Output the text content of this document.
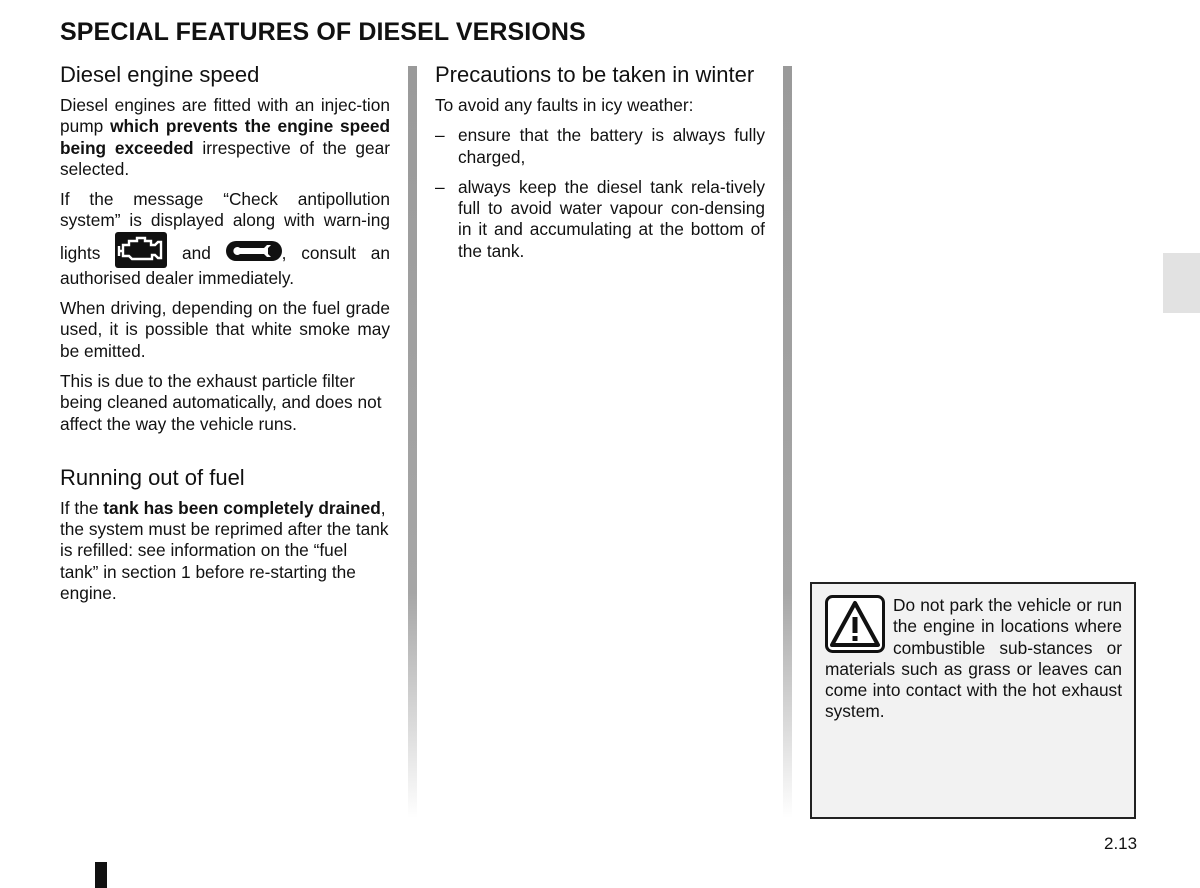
SPECIAL FEATURES OF DIESEL VERSIONS
Diesel engine speed

Diesel engines are fitted with an injec-tion pump which prevents the engine speed being exceeded irrespective of the gear selected.

If the message “Check antipollution system” is displayed along with warn-ing lights	and	, consult an authorised dealer immediately.

When driving, depending on the fuel grade used, it is possible that white smoke may be emitted.

This is due to the exhaust particle filter being cleaned automatically, and does not affect the way the vehicle runs.

Running out of fuel

If the tank has been completely drained, the system must be reprimed after the tank is refilled: see information on the “fuel tank” in section 1 before re-starting the engine.

Precautions to be taken in winter

To avoid any faults in icy weather:

– ensure that the battery is always fully charged,
– always keep the diesel tank rela-tively full to avoid water vapour con-densing in it and accumulating at the bottom of the tank.

Do not park the vehicle or run the engine in locations where combustible sub-stances or materials such as grass or leaves can come into contact with the hot exhaust system.

2.13
